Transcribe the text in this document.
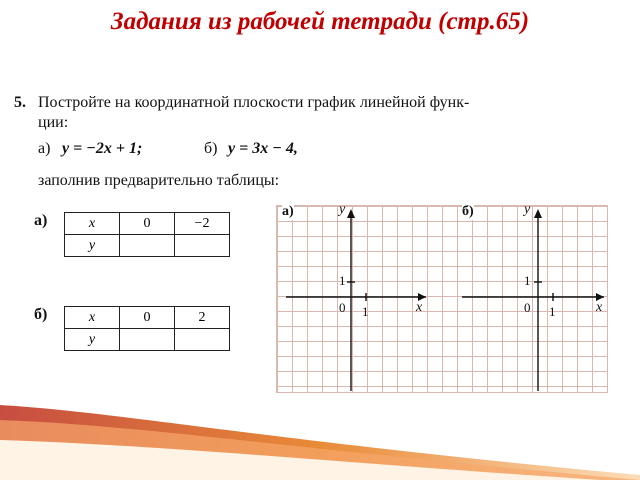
Задания из рабочей тетради (стр.65)
5. Постройте на координатной плоскости график линейной функ-
ции:
а) y = −2x + 1;	б) y = 3x − 4,
заполнив предварительно таблицы:
а)	x	0	−2
y		
б)	x	0	2
y		
а)	y
x
0 1
1
б)	y
x
0 1
1
